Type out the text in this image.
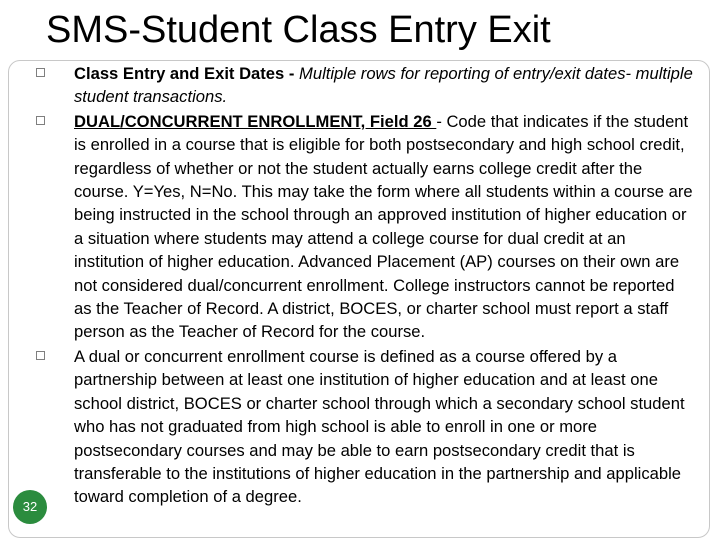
SMS-Student Class Entry Exit
Class Entry and Exit Dates - Multiple rows for reporting of entry/exit dates- multiple student transactions.
DUAL/CONCURRENT ENROLLMENT, Field 26 - Code that indicates if the student is enrolled in a course that is eligible for both postsecondary and high school credit, regardless of whether or not the student actually earns college credit after the course. Y=Yes, N=No. This may take the form where all students within a course are being instructed in the school through an approved institution of higher education or a situation where students may attend a college course for dual credit at an institution of higher education. Advanced Placement (AP) courses on their own are not considered dual/concurrent enrollment. College instructors cannot be reported as the Teacher of Record. A district, BOCES, or charter school must report a staff person as the Teacher of Record for the course.
A dual or concurrent enrollment course is defined as a course offered by a partnership between at least one institution of higher education and at least one school district, BOCES or charter school through which a secondary school student who has not graduated from high school is able to enroll in one or more postsecondary courses and may be able to earn postsecondary credit that is transferable to the institutions of higher education in the partnership and applicable toward completion of a degree.
32
